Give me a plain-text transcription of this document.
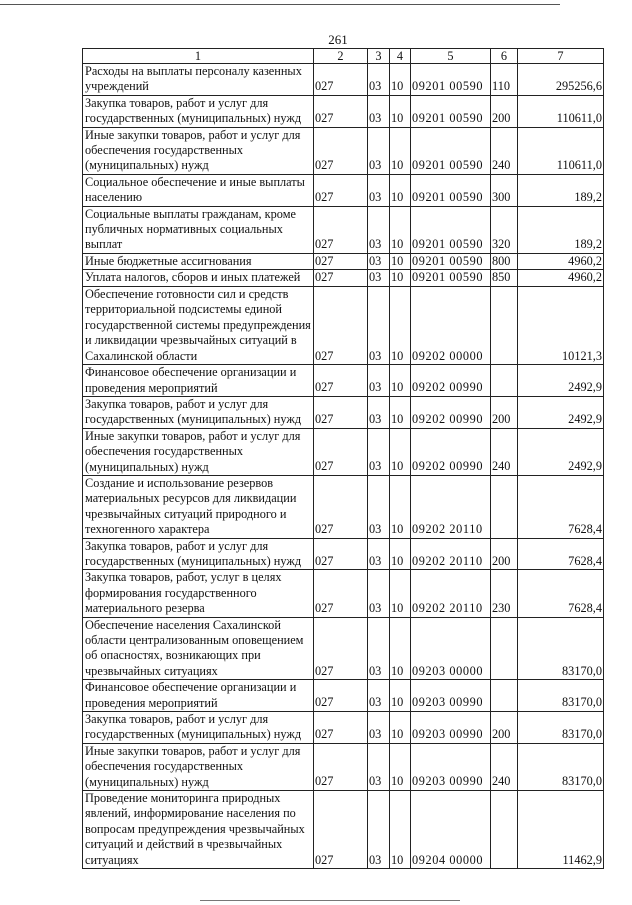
261
1	2	3	4	5	6	7
Расходы на выплаты персоналу казенных учреждений	027	03	10	09201 00590	110	295256,6
Закупка товаров, работ и услуг для государственных (муниципальных) нужд	027	03	10	09201 00590	200	110611,0
Иные закупки товаров, работ и услуг для обеспечения государственных (муниципальных) нужд	027	03	10	09201 00590	240	110611,0
Социальное обеспечение и иные выплаты населению	027	03	10	09201 00590	300	189,2
Социальные выплаты гражданам, кроме публичных нормативных социальных выплат	027	03	10	09201 00590	320	189,2
Иные бюджетные ассигнования	027	03	10	09201 00590	800	4960,2
Уплата налогов, сборов и иных платежей	027	03	10	09201 00590	850	4960,2
Обеспечение готовности сил и средств территориальной подсистемы единой государственной системы предупреждения и ликвидации чрезвычайных ситуаций в Сахалинской области	027	03	10	09202 00000		10121,3
Финансовое обеспечение организации и проведения мероприятий	027	03	10	09202 00990		2492,9
Закупка товаров, работ и услуг для государственных (муниципальных) нужд	027	03	10	09202 00990	200	2492,9
Иные закупки товаров, работ и услуг для обеспечения государственных (муниципальных) нужд	027	03	10	09202 00990	240	2492,9
Создание и использование резервов материальных ресурсов для ликвидации чрезвычайных ситуаций природного и техногенного характера	027	03	10	09202 20110		7628,4
Закупка товаров, работ и услуг для государственных (муниципальных) нужд	027	03	10	09202 20110	200	7628,4
Закупка товаров, работ, услуг в целях формирования государственного материального резерва	027	03	10	09202 20110	230	7628,4
Обеспечение населения Сахалинской области централизованным оповещением об опасностях, возникающих при чрезвычайных ситуациях	027	03	10	09203 00000		83170,0
Финансовое обеспечение организации и проведения мероприятий	027	03	10	09203 00990		83170,0
Закупка товаров, работ и услуг для государственных (муниципальных) нужд	027	03	10	09203 00990	200	83170,0
Иные закупки товаров, работ и услуг для обеспечения государственных (муниципальных) нужд	027	03	10	09203 00990	240	83170,0
Проведение мониторинга природных явлений, информирование населения по вопросам предупреждения чрезвычайных ситуаций и действий в чрезвычайных ситуациях	027	03	10	09204 00000		11462,9
